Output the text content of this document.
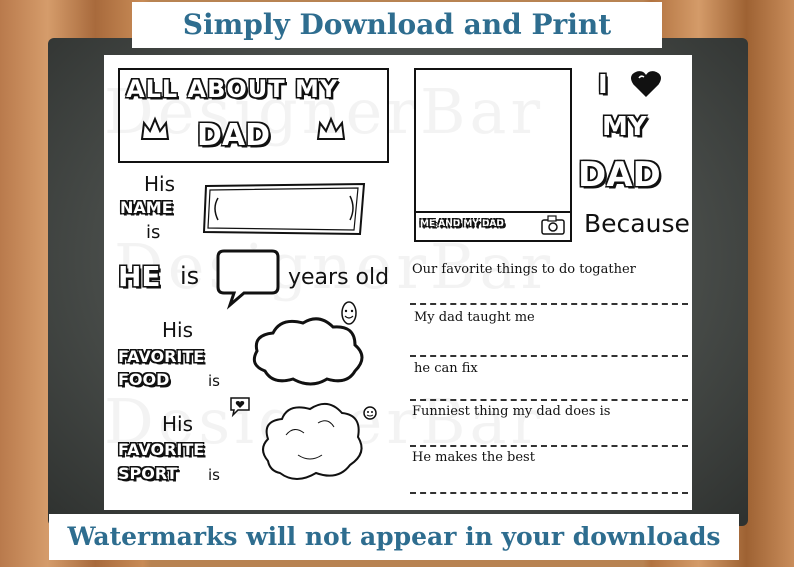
Simply Download and Print
ALL ABOUT MY
DAD
His
NAME
is
HE is	years old
His
FAVORITE
FOOD	is
His
FAVORITE
SPORT is
ME AND MY DAD
I
MY
DAD
Because
Our favorite things to do togather
My dad taught me
he can fix
Funniest thing my dad does is
He makes the best
Watermarks will not appear in your downloads
